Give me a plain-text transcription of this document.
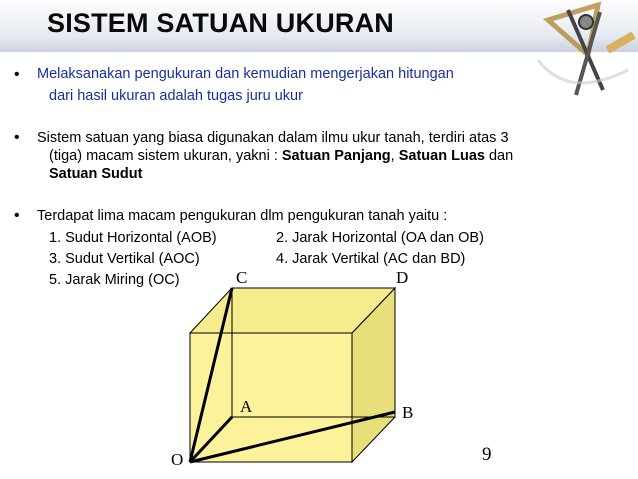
SISTEM SATUAN UKURAN
• Melaksanakan pengukuran dan kemudian mengerjakan hitungan
dari hasil ukuran adalah tugas juru ukur
• Sistem satuan yang biasa digunakan dalam ilmu ukur tanah, terdiri atas 3
(tiga) macam sistem ukuran, yakni : Satuan Panjang, Satuan Luas dan
Satuan Sudut
• Terdapat lima macam pengukuran dlm pengukuran tanah yaitu :
1. Sudut Horizontal (AOB)	2. Jarak Horizontal (OA dan OB)
3. Sudut Vertikal (AOC)	4. Jarak Vertikal (AC dan BD)
5. Jarak Miring (OC)	C	D
A	B
O	9
